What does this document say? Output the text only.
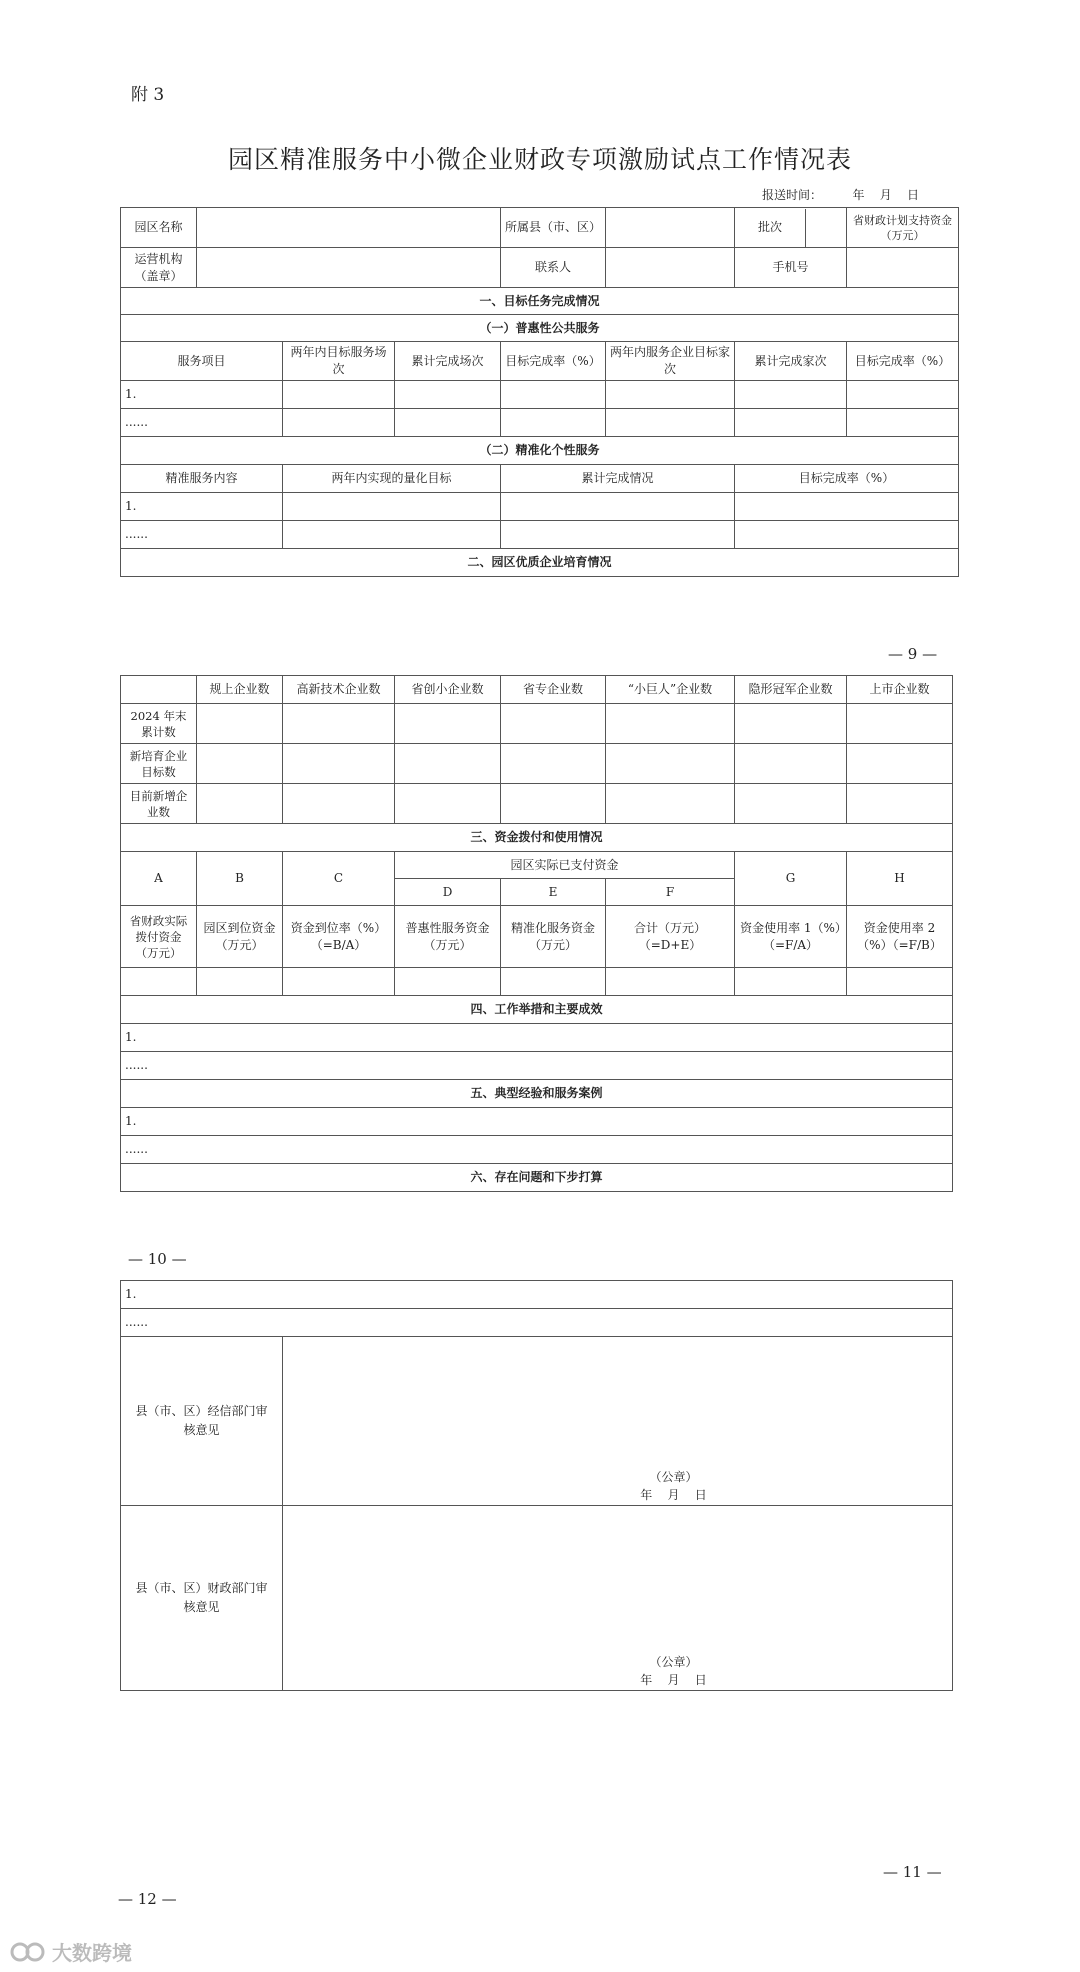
附 3
园区精准服务中小微企业财政专项激励试点工作情况表
报送时间：        年    月    日
园区名称				所属县（市、区）		批次	省财政计划支持资金（万元）

运营机构（盖章）				联系人		手机号	
一、目标任务完成情况							
（一）普惠性公共服务							
服务项目		两年内目标服务场次	累计完成场次	目标完成率（%）	两年内服务企业目标家次	累计完成家次	目标完成率（%）
1.							
......							
（二）精准化个性服务							
精准服务内容		两年内实现的量化目标		累计完成情况		目标完成率（%）	
1.							
......							
二、园区优质企业培育情况							
— 9 —
	规上企业数	高新技术企业数	省创小企业数	省专企业数	“小巨人”企业数	隐形冠军企业数	上市企业数
2024 年末累计数							
新培育企业目标数							
目前新增企业数							
三、资金拨付和使用情况							
A	B	C	园区实际已支付资金			G	H
			D	E	F		
省财政实际拨付资金（万元）	园区到位资金（万元）	资金到位率（%）（=B/A）	普惠性服务资金（万元）	精准化服务资金（万元）	合计（万元）（=D+E）	资金使用率 1（%）（=F/A）	资金使用率 2（%）（=F/B）

四、工作举措和主要成效							
1.							
......							
五、典型经验和服务案例							
1.							
......							
六、存在问题和下步打算							
— 10 —
1.	
......	
县（市、区）经信部门审核意见	（公章）
年    月    日

县（市、区）财政部门审核意见	（公章）
年    月    日
— 11 —
— 12 —
大数跨境
